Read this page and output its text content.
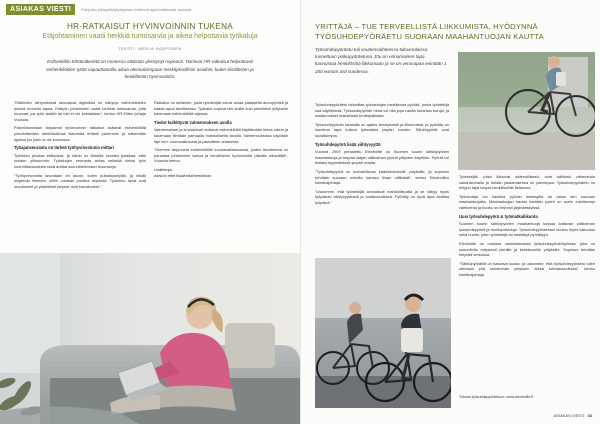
ASIAKAS VIESTI	Pohjolan yleisyrittäjäyrityksen kertovat ajankohtaisista asioista
HR-RATKAISUT HYVINVOINNIN TUKENA
Etäjohtaminen vaatii herkkiä tuntosarvia ja aikea helpottavia työkaluja
TEKSTI: MERJA HAAPONEN
Esihenkilön tehtäväkenttä on monessa eitäisiön yleistynyt nopeasti. Toimivat HR-ratkaisut helpottavat esihenkilöiden työtä vapauttamalla aikaa olennaisimpaan merkityksellisiin asioihin, kuten tiimiläisten ja henkilöstön hyvinvointiin.

"Etätöiden siirtymisestä seuraavat digiloikka on näkynyt esihenkilöiden työssä monella tapaa. Etätyön johtaminen vaatii herkkiä tuntosarvia, jotta huomaa, jos työn sisältö tai tuki ei ole kohdallaan", kertoo HR-Eliten johtaja Vuusula.

Palvelutoimiston tarjoamat hyvinvoinnin ratkaisut auttavat esihenkilöitä ymmärtämään henkilöstönsä tilannetta entistä paremmin ja näkemään ajoissa jos jokin ei ole kunnossa.

Työajanseuranta on tärkeä työhyvinvoinnin mittari

Työnteko joustaa etätyössä, ja silloin on tärkeää seurata työaikaa, ettei kukaan ylikuormitu. Työaikojen seuranta antaa selkeää tietoa työn kuormittavuudesta sekä auttaa suunnittelemaan resursseja.

"Työhyvinvointia seurataan eri tavoin, kuten pulssikyselyillä, ja mikäli ongelmia ilmenee, niihin voidaan puuttua nopeasti. Työnteko tavat ovat muuttuneet ja yksilölliset tarpeet ovat korostuneet."

Ratkaisu on sellainen, josta työntekijät voivat antaa palautetta anonyymisti ja saada apua tarvittaessa. Työkalut sopivat niin isoille kuin pienillekin yrityksille tukemaan esihenkilöitä arjessa.

Tiedot kulkittyvät valmennuksen avulla

Valmennukset ja koulutukset auttavat esihenkilöitä käyttämään tietoa oikein ja tukemaan tiimiään parhaalla mahdollisella tavalla. Valmennuksissa käydään läpi mm. vuorovaikutusta ja palautteen antamista.

"Olemme tarjonneet esihenkilöille koulutustilaisuuksia, joiden tavoitteena on parantaa johtamisen laatua ja henkilöstön hyvinvointia pitkällä aikavälillä", Vuusula kertoo.

Lisätietoja:

www.hr-elite.fi/palvelut/henkilosto

YRITTÄJÄ – TUE TERVEELLISTÄ LIIKKUMISTA, HYÖDYNNÄ TYÖSUHDEPYÖRÄETU SUORAAN MAAHANTUOJAN KAUTTA
Työsuhdepyöräetu tuli voudenvaihteessa tuloverolaissa tunnettuun polkupyöräetuna. Etu on erinomainen tapa kannustaa henkilöstöä liikkumaan ja se on verovapaa enintään 1 200 euroon asti vuodessa.

Työsuhdepyöräetu tarkoittaa työnantajan hankkimaa pyörää, jonka työntekijä saa käyttöönsä. Työsuhdepyörän hinta voi olla jopa useita tuhansia euroja, ja kustannukset maksetaan bruttopalkasta.

Työsuhdepyörän taustalla on ajatus terveydestä ja liikunnasta, ja pyöräily on luonteva tapa kulkea työmatkat ympäri vuoden. Sähköpyörät ovat suosituimpia.

Työsuhdepyörä lisää viihtyvyyttä

Vuonna 2009 perustettu Electrolite on Suomen suurin sähköpyörien maahantuoja ja tarjoaa laajan valikoiman pyöriä yritysten käyttöön. Pyörät voi testata myymälöissä ympäri maata.

"Työsuhdepyörä on mahdollisuus kaikenkokoisille yrityksille, ja sopimus tehdään suoraan meidän kanssa ilman välikäsiä", kertoo Electroliten toimitusjohtaja.

"Uskomme, että työntekijät arvostavat mahdollisuutta ja se näkyy myös työpaikan viihtyvyydessä ja tuottavuudessa. Pyöräily on hyvä tapa aloittaa työpäivä."

Työntekijät, jotka liikkuvat säännöllisesti, ovat tutkitusti vähemmän sairauslomalla ja heidän jaksamisensa on parempaa. Työsuhdepyöräetu on helppo tapa tarjota henkilöstölle lisäarvoa.

Työnantaja voi hankkia pyörän leasingilla tai ostaa sen suoraan maahantuojalta. Maahantuojan kautta hankittu pyörä on usein edullisempi vaihtoehto ja huolto on helposti järjestettävissä.

Uusi työsuhdepyörä & työmatkaliikunta

Suomen suurin sähköpyörien maahantuoja tarjoaa kattavan valikoiman työsuhdepyöriä ja huoltopalveluja. Työsuhdepyöräetuun kuuluu myös vakuutus sekä huolto, joten työntekijä voi keskittyä pyöräilyyn.

Electrolite on mukana valmistamassa työsuhdepyöräohjelmaa, joka on suunniteltu erityisesti pienille ja keskisuurille yrityksille. Sopimus tehdään helposti verkossa.

"Sähköpyöräillä on kasvava suosio ja uskomme, että työsuhdepyöräetu tulee olemaan yhä useamman yrityksen arkea tulevaisuudessa", kertoo toimitusjohtaja.

Tutustu työsuhdepyöräetuun: www.electrolite.fi
ASIAKAS VIESTI 33
